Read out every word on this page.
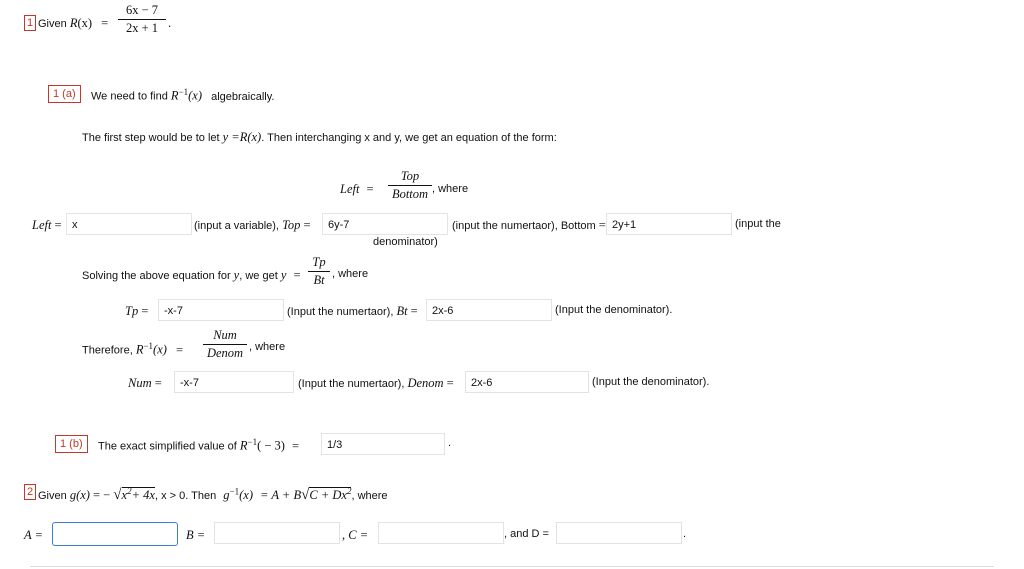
1 Given R(x) =
6x − 7
2x + 1 .
1 (a)	We need to find $R^{-1}(x)$ algebraically.
The first step would be to let y =R(x). Then interchanging x and y, we get an equation of the form:
Left =
Top
Bottom , where
Left = x	(input a variable), Top =	6y-7	(input the numertaor), Bottom = 2y+1	(input the
denominator)
Solving the above equation for y, we get y =
Tp
Bt , where
Tp =	-x-7	(Input the numertaor), Bt =	2x-6	(Input the denominator).
Therefore, $R^{-1}(x)$ =
Num
Denom , where
Num =	-x-7	(Input the numertaor), Denom =	2x-6	(Input the denominator).
1 (b)	The exact simplified value of $R^{-1}( - 3)$ =	1/3	.
2 Given g(x) = − $√x^2+ 4x$, x > 0. Then $g^{-1}(x) = A + B√C + Dx^2$, where
A =	B =	, C =	, and D =	.
